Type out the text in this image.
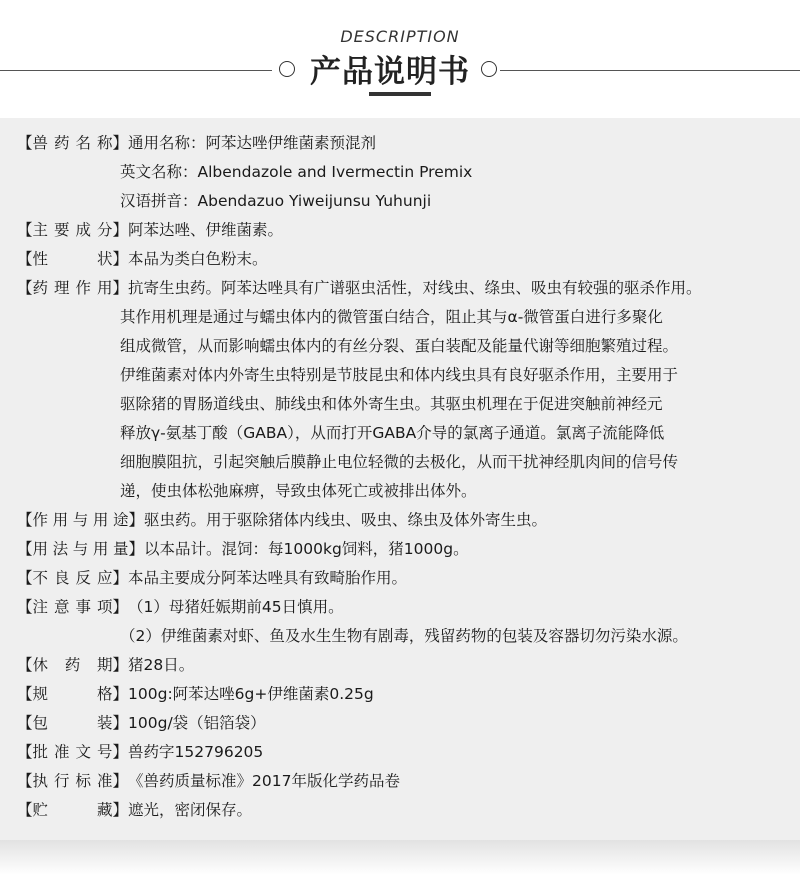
DESCRIPTION
产品说明书
【兽药名称】 通用名称：阿苯达唑伊维菌素预混剂
英文名称：Albendazole and Ivermectin Premix
汉语拼音：Abendazuo Yiweijunsu Yuhunji
【主要成分】 阿苯达唑、伊维菌素。
【性　　状】 本品为类白色粉末。
【药理作用】 抗寄生虫药。阿苯达唑具有广谱驱虫活性，对线虫、绦虫、吸虫有较强的驱杀作用。
其作用机理是通过与蠕虫体内的微管蛋白结合，阻止其与α-微管蛋白进行多聚化
组成微管，从而影响蠕虫体内的有丝分裂、蛋白装配及能量代谢等细胞繁殖过程。
伊维菌素对体内外寄生虫特别是节肢昆虫和体内线虫具有良好驱杀作用，主要用于
驱除猪的胃肠道线虫、肺线虫和体外寄生虫。其驱虫机理在于促进突触前神经元
释放γ-氨基丁酸（GABA），从而打开GABA介导的氯离子通道。氯离子流能降低
细胞膜阻抗，引起突触后膜静止电位轻微的去极化，从而干扰神经肌肉间的信号传
递，使虫体松弛麻痹，导致虫体死亡或被排出体外。
【作用与用途】 驱虫药。用于驱除猪体内线虫、吸虫、绦虫及体外寄生虫。
【用法与用量】 以本品计。混饲：每1000kg饲料，猪1000g。
【不良反应】 本品主要成分阿苯达唑具有致畸胎作用。
【注意事项】 （1）母猪妊娠期前45日慎用。
（2）伊维菌素对虾、鱼及水生生物有剧毒，残留药物的包装及容器切勿污染水源。
【休 药 期】 猪28日。
【规　　格】 100g:阿苯达唑6g+伊维菌素0.25g
【包　　装】 100g/袋（铝箔袋）
【批准文号】 兽药字152796205
【执行标准】 《兽药质量标准》2017年版化学药品卷
【贮　　藏】 遮光，密闭保存。
